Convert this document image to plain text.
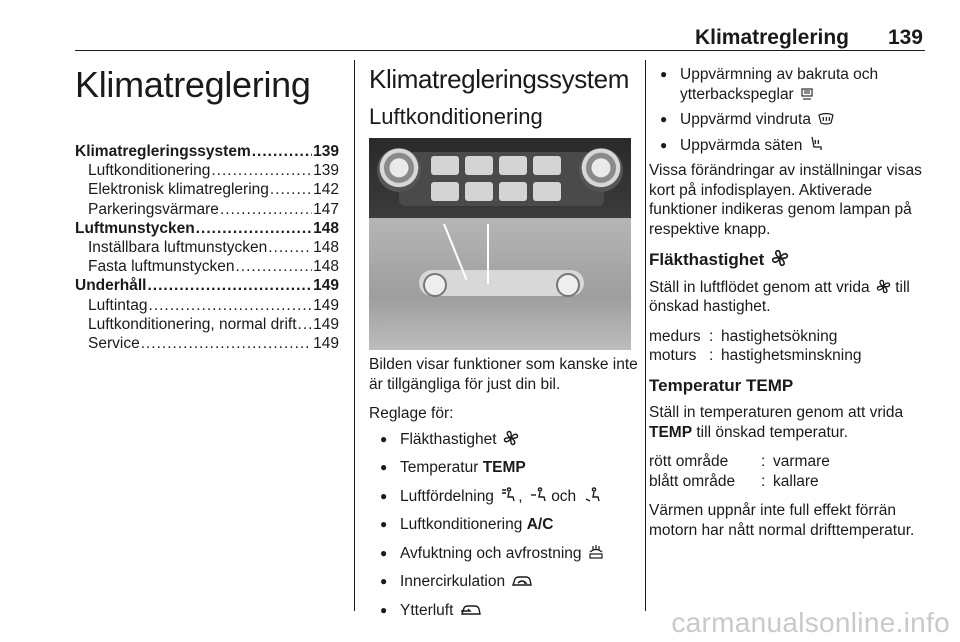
Klimatreglering 139
Klimatreglering
Klimatregleringssystem .....	139
Luftkonditionering .....	139
Elektronisk klimatreglering .....	142
Parkeringsvärmare .....	147
Luftmunstycken .....	148
Inställbara luftmunstycken .....	148
Fasta luftmunstycken .....	148
Underhåll .....	149
Luftintag .....	149
Luftkonditionering, normal drift ..... 149
Service .....	149
Klimatregleringssystem
Luftkonditionering

Bilden visar funktioner som kanske inte är tillgängliga för just din bil.

Reglage för:

● Fläkthastighet
● Temperatur TEMP
● Luftfördelning , och
● Luftkonditionering A/C
● Avfuktning och avfrostning
● Innercirkulation
● Ytterluft
● Uppvärmning av bakruta och ytterbackspeglar
● Uppvärmd vindruta
● Uppvärmda säten

Vissa förändringar av inställningar visas kort på infodisplayen. Aktiverade funktioner indikeras genom lampan på respektive knapp.

Fläkthastighet

Ställ in luftflödet genom att vrida till önskad hastighet.

medurs : hastighetsökning
moturs : hastighetsminskning
Temperatur TEMP

Ställ in temperaturen genom att vrida TEMP till önskad temperatur.

rött område	: varmare
blått område	: kallare

Värmen uppnår inte full effekt förrän motorn har nått normal drifttemperatur.

carmanualsonline.info
